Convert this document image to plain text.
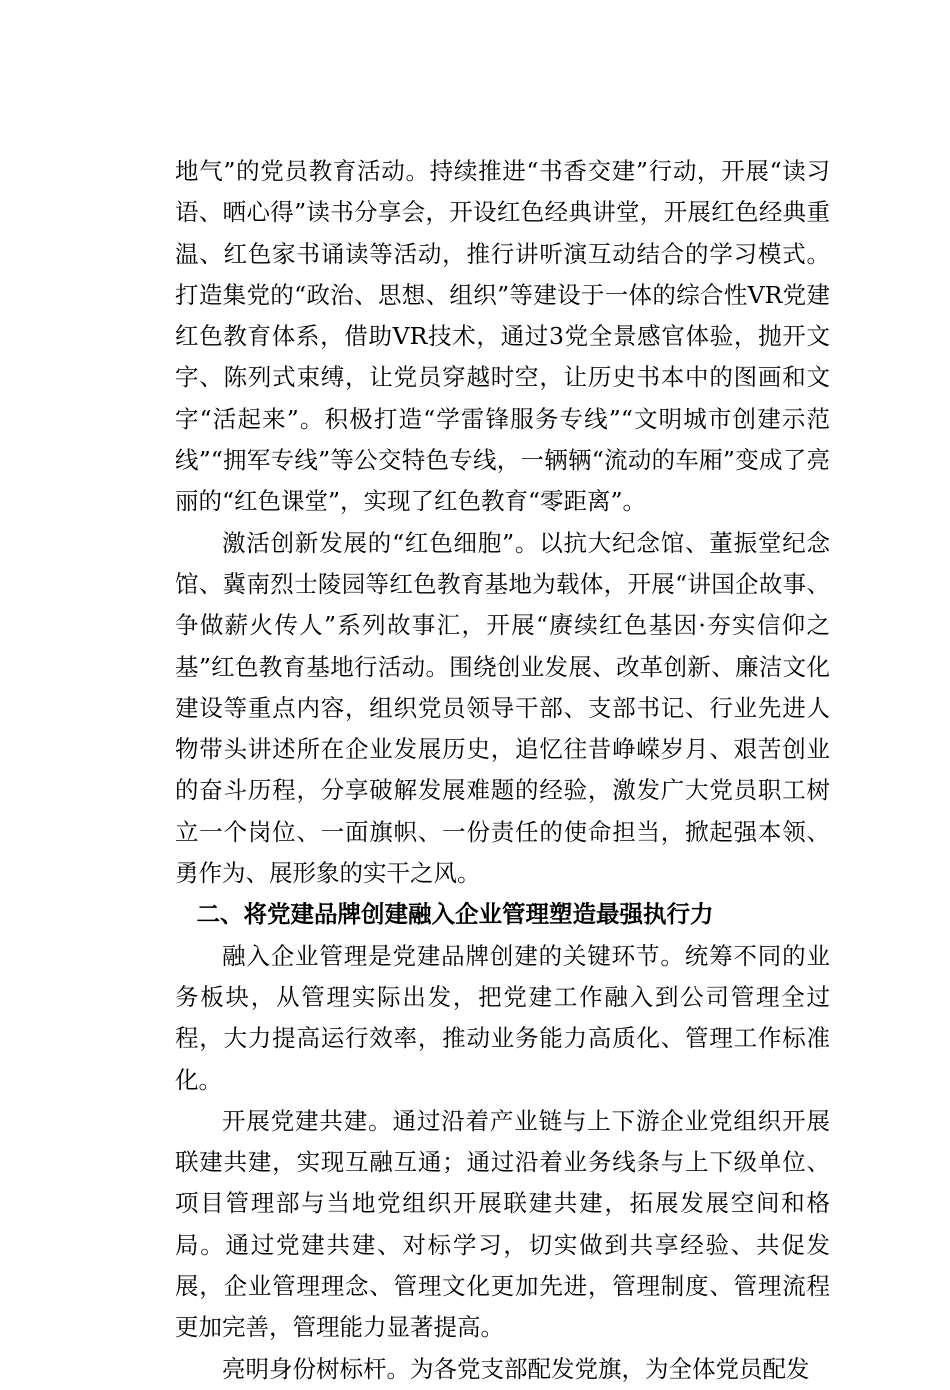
地气”的党员教育活动。持续推进“书香交建”行动，开展“读习语、晒心得”读书分享会，开设红色经典讲堂，开展红色经典重温、红色家书诵读等活动，推行讲听演互动结合的学习模式。打造集党的“政治、思想、组织”等建设于一体的综合性VR党建红色教育体系，借助VR技术，通过3党全景感官体验，抛开文字、陈列式束缚，让党员穿越时空，让历史书本中的图画和文字“活起来”。积极打造“学雷锋服务专线”“文明城市创建示范线”“拥军专线”等公交特色专线，一辆辆“流动的车厢”变成了亮丽的“红色课堂”，实现了红色教育“零距离”。

激活创新发展的“红色细胞”。以抗大纪念馆、董振堂纪念馆、冀南烈士陵园等红色教育基地为载体，开展“讲国企故事、争做薪火传人”系列故事汇，开展“赓续红色基因·夯实信仰之基”红色教育基地行活动。围绕创业发展、改革创新、廉洁文化建设等重点内容，组织党员领导干部、支部书记、行业先进人物带头讲述所在企业发展历史，追忆往昔峥嵘岁月、艰苦创业的奋斗历程，分享破解发展难题的经验，激发广大党员职工树立一个岗位、一面旗帜、一份责任的使命担当，掀起强本领、勇作为、展形象的实干之风。

二、将党建品牌创建融入企业管理塑造最强执行力

融入企业管理是党建品牌创建的关键环节。统筹不同的业务板块，从管理实际出发，把党建工作融入到公司管理全过程，大力提高运行效率，推动业务能力高质化、管理工作标准化。

开展党建共建。通过沿着产业链与上下游企业党组织开展联建共建，实现互融互通；通过沿着业务线条与上下级单位、项目管理部与当地党组织开展联建共建，拓展发展空间和格局。通过党建共建、对标学习，切实做到共享经验、共促发展，企业管理理念、管理文化更加先进，管理制度、管理流程更加完善，管理能力显著提高。

亮明身份树标杆。为各党支部配发党旗，为全体党员配发
